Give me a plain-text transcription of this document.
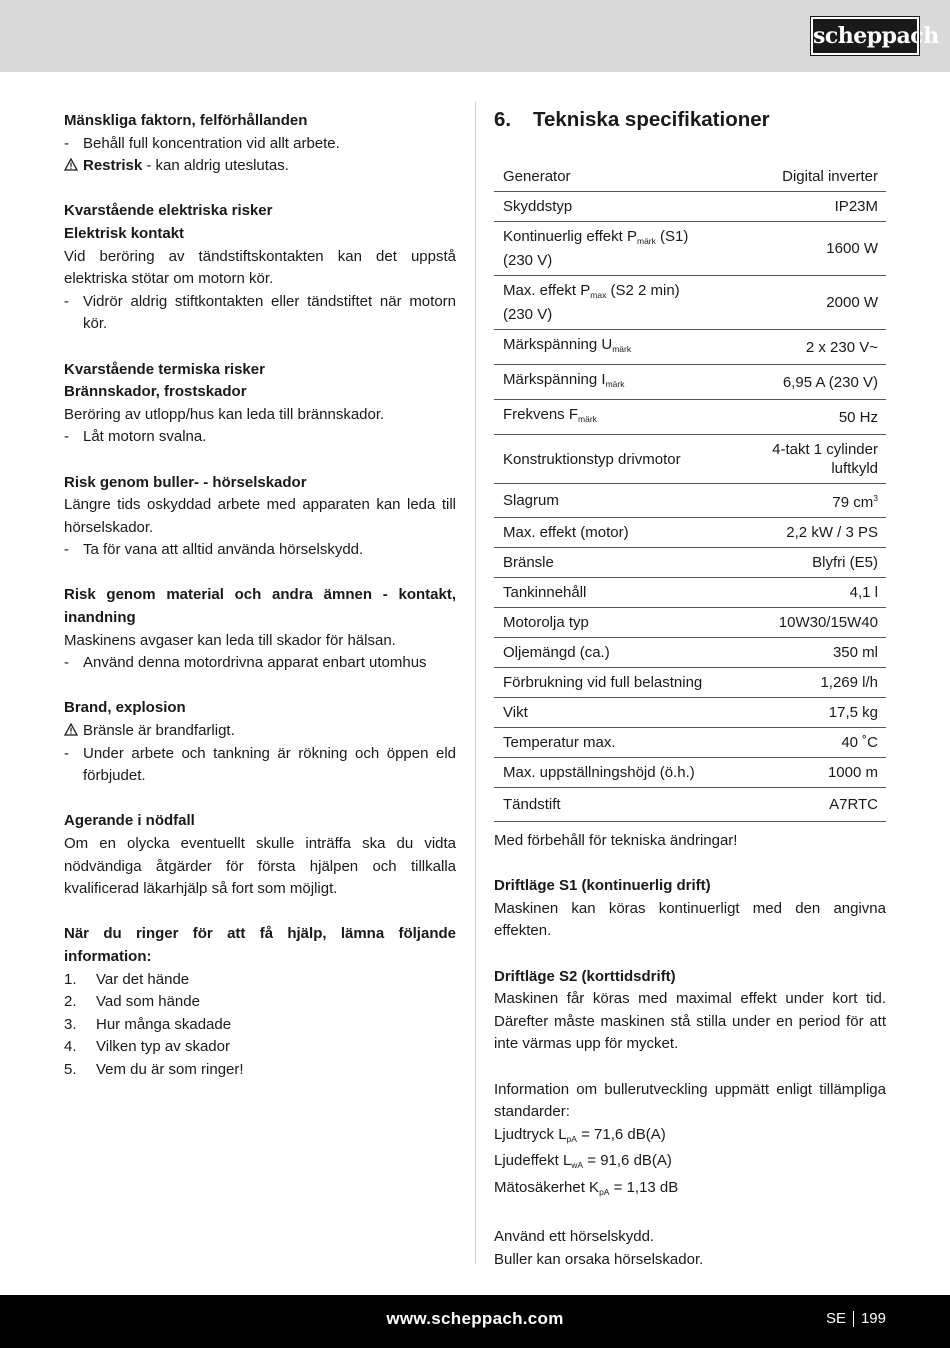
scheppach

Mänskliga faktorn, felförhållanden

- Behåll full koncentration vid allt arbete.

Restrisk - kan aldrig uteslutas.

Kvarstående elektriska risker

Elektrisk kontakt

Vid beröring av tändstiftskontakten kan det uppstå elektriska stötar om motorn kör.

- Vidrör aldrig stiftkontakten eller tändstiftet när motorn kör.

Kvarstående termiska risker

Brännskador, frostskador

Beröring av utlopp/hus kan leda till brännskador.

- Låt motorn svalna.

Risk genom buller- - hörselskador

Längre tids oskyddad arbete med apparaten kan leda till hörselskador.

- Ta för vana att alltid använda hörselskydd.

Risk genom material och andra ämnen - kontakt, inandning

Maskinens avgaser kan leda till skador för hälsan.

- Använd denna motordrivna apparat enbart utomhus

Brand, explosion

Bränsle är brandfarligt.

- Under arbete och tankning är rökning och öppen eld förbjudet.

Agerande i nödfall

Om en olycka eventuellt skulle inträffa ska du vidta nödvändiga åtgärder för första hjälpen och tillkalla kvalificerad läkarhjälp så fort som möjligt.

När du ringer för att få hjälp, lämna följande information:

1.	Var det hände
2.	Vad som hände
3.	Hur många skadade
4.	Vilken typ av skador
5.	Vem du är som ringer!
6.	Tekniska specifikationer
Generator	Digital inverter
Skyddstyp	IP23M
Kontinuerlig effekt $P_{märk}$ (S1)
(230 V)	1600 W
Max. effekt $P_{max}$ (S2 2 min)
(230 V)	2000 W
Märkspänning $U_{märk}$	2 x 230 V~
Märkspänning $I_{märk}$	6,95 A (230 V)
Frekvens $F_{märk}$	50 Hz
Konstruktionstyp drivmotor	4-takt 1 cylinder
luftkyld
Slagrum	79 $cm^3$
Max. effekt (motor)	2,2 kW / 3 PS
Bränsle	Blyfri (E5)
Tankinnehåll	4,1 l
Motorolja typ	10W30/15W40
Oljemängd (ca.)	350 ml
Förbrukning vid full belastning	1,269 l/h
Vikt	17,5 kg
Temperatur max.	40 ˚C
Max. uppställningshöjd (ö.h.)	1000 m
Tändstift	A7RTC

Med förbehåll för tekniska ändringar!

Driftläge S1 (kontinuerlig drift)

Maskinen kan köras kontinuerligt med den angivna effekten.

Driftläge S2 (korttidsdrift)

Maskinen får köras med maximal effekt under kort tid. Därefter måste maskinen stå stilla under en period för att inte värmas upp för mycket.

Information om bullerutveckling uppmätt enligt tillämpliga standarder:

Ljudtryck $L_{pA} = 71,6$ dB(A)

Ljudeffekt $L_{wA} = 91,6$ dB(A)

Mätosäkerhet $K_{pA} = 1,13$ dB

Använd ett hörselskydd.

Buller kan orsaka hörselskador.

www.scheppach.com	SE 199
